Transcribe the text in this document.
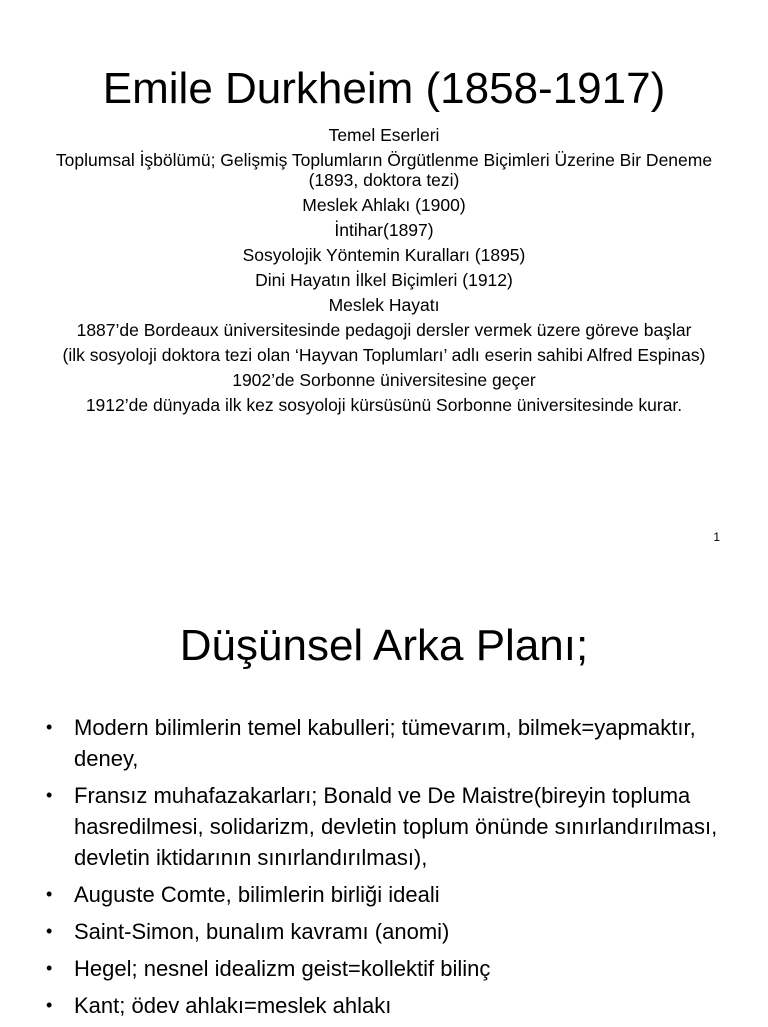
Emile Durkheim (1858-1917)
Temel Eserleri
Toplumsal İşbölümü; Gelişmiş Toplumların Örgütlenme Biçimleri Üzerine Bir Deneme (1893, doktora tezi)
Meslek Ahlakı (1900)
İntihar(1897)
Sosyolojik Yöntemin Kuralları (1895)
Dini Hayatın İlkel Biçimleri (1912)
Meslek Hayatı
1887’de Bordeaux üniversitesinde pedagoji dersler vermek üzere göreve başlar
(ilk sosyoloji doktora tezi olan ‘Hayvan Toplumları’ adlı eserin sahibi Alfred Espinas)
1902’de Sorbonne üniversitesine geçer
1912’de dünyada ilk kez sosyoloji kürsüsünü Sorbonne üniversitesinde kurar.
1
Düşünsel Arka Planı;
• Modern bilimlerin temel kabulleri; tümevarım, bilmek=yapmaktır, deney,
• Fransız muhafazakarları; Bonald ve De Maistre(bireyin topluma hasredilmesi, solidarizm, devletin toplum önünde sınırlandırılması, devletin iktidarının sınırlandırılması),
• Auguste Comte, bilimlerin birliği ideali
• Saint-Simon, bunalım kavramı (anomi)
• Hegel; nesnel idealizm geist=kollektif bilinç
• Kant; ödev ahlakı=meslek ahlakı
